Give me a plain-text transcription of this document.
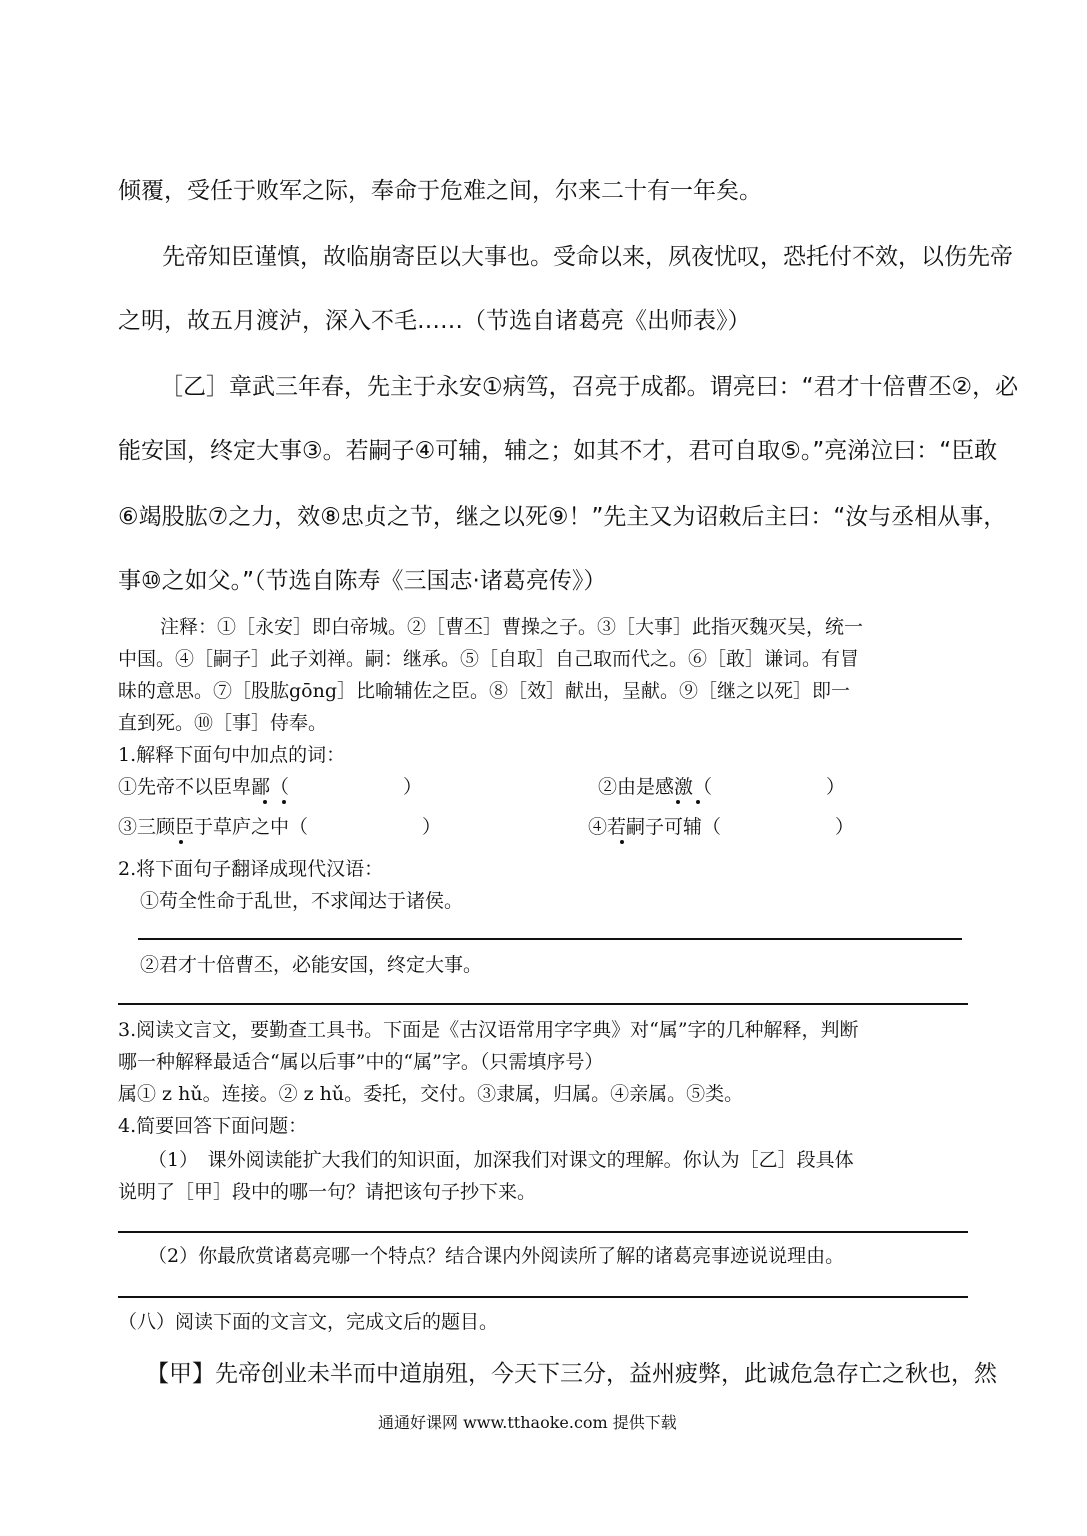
倾覆，受任于败军之际，奉命于危难之间，尔来二十有一年矣。
先帝知臣谨慎，故临崩寄臣以大事也。受命以来，夙夜忧叹，恐托付不效，以伤先帝
之明，故五月渡泸，深入不毛……（节选自诸葛亮《出师表》）
［乙］章武三年春，先主于永安①病笃，召亮于成都。谓亮曰：“君才十倍曹丕②，必
能安国，终定大事③。若嗣子④可辅，辅之；如其不才，君可自取⑤。”亮涕泣曰：“臣敢
⑥竭股肱⑦之力，效⑧忠贞之节，继之以死⑨！”先主又为诏敕后主曰：“汝与丞相从事，
事⑩之如父。”（节选自陈寿《三国志·诸葛亮传》）
注释：①［永安］即白帝城。②［曹丕］曹操之子。③［大事］此指灭魏灭吴，统一
中国。④［嗣子］此子刘禅。嗣：继承。⑤［自取］自己取而代之。⑥［敢］谦词。有冒
昧的意思。⑦［股肱gōng］比喻辅佐之臣。⑧［效］献出，呈献。⑨［继之以死］即一
直到死。⑩［事］侍奉。
1.解释下面句中加点的词：
①先帝不以臣卑鄙（　　　　　　）	②由是感激（　　　　　　）
③三顾臣于草庐之中（　　　　　　）	④若嗣子可辅（　　　　　　）
2.将下面句子翻译成现代汉语：
①苟全性命于乱世，不求闻达于诸侯。
②君才十倍曹丕，必能安国，终定大事。
3.阅读文言文，要勤查工具书。下面是《古汉语常用字字典》对“属”字的几种解释，判断
哪一种解释最适合“属以后事”中的“属”字。（只需填序号）
属① z hǔ。连接。② z hǔ。委托，交付。③隶属，归属。④亲属。⑤类。
4.简要回答下面问题：
（1）　课外阅读能扩大我们的知识面，加深我们对课文的理解。你认为［乙］段具体
说明了［甲］段中的哪一句？请把该句子抄下来。
（2）你最欣赏诸葛亮哪一个特点？结合课内外阅读所了解的诸葛亮事迹说说理由。
（八）阅读下面的文言文，完成文后的题目。
【甲】先帝创业未半而中道崩殂，今天下三分，益州疲弊，此诚危急存亡之秋也，然
通通好课网 www.tthaoke.com 提供下载
